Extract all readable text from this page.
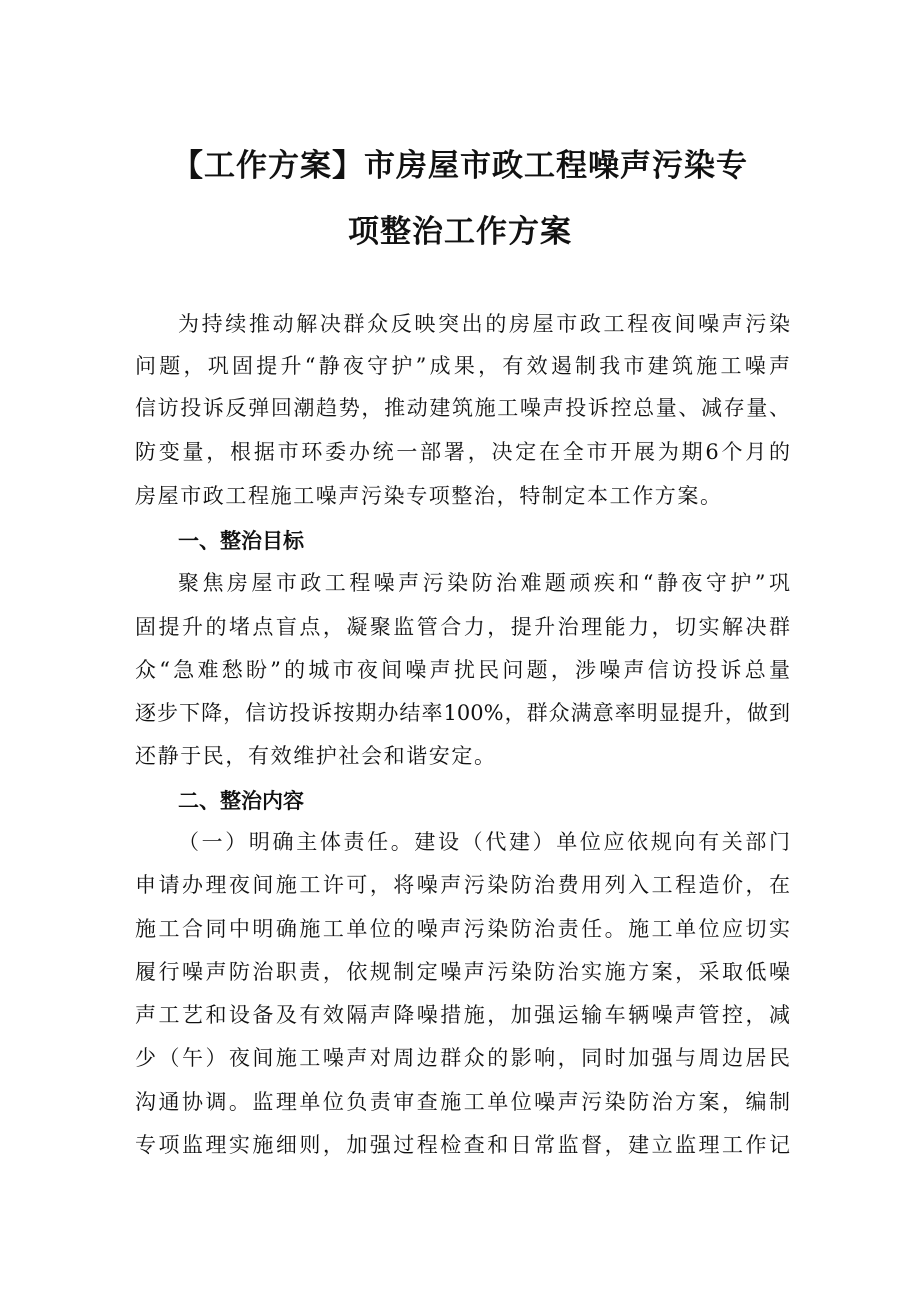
【工作方案】市房屋市政工程噪声污染专
项整治工作方案
为持续推动解决群众反映突出的房屋市政工程夜间噪声污染
问题，巩固提升“静夜守护”成果，有效遏制我市建筑施工噪声
信访投诉反弹回潮趋势，推动建筑施工噪声投诉控总量、减存量、
防变量，根据市环委办统一部署，决定在全市开展为期6个月的
房屋市政工程施工噪声污染专项整治，特制定本工作方案。
一、整治目标
聚焦房屋市政工程噪声污染防治难题顽疾和“静夜守护”巩
固提升的堵点盲点，凝聚监管合力，提升治理能力，切实解决群
众“急难愁盼”的城市夜间噪声扰民问题，涉噪声信访投诉总量
逐步下降，信访投诉按期办结率100%，群众满意率明显提升，做到
还静于民，有效维护社会和谐安定。
二、整治内容
（一）明确主体责任。建设（代建）单位应依规向有关部门
申请办理夜间施工许可，将噪声污染防治费用列入工程造价，在
施工合同中明确施工单位的噪声污染防治责任。施工单位应切实
履行噪声防治职责，依规制定噪声污染防治实施方案，采取低噪
声工艺和设备及有效隔声降噪措施，加强运输车辆噪声管控，减
少（午）夜间施工噪声对周边群众的影响，同时加强与周边居民
沟通协调。监理单位负责审查施工单位噪声污染防治方案，编制
专项监理实施细则，加强过程检查和日常监督，建立监理工作记
